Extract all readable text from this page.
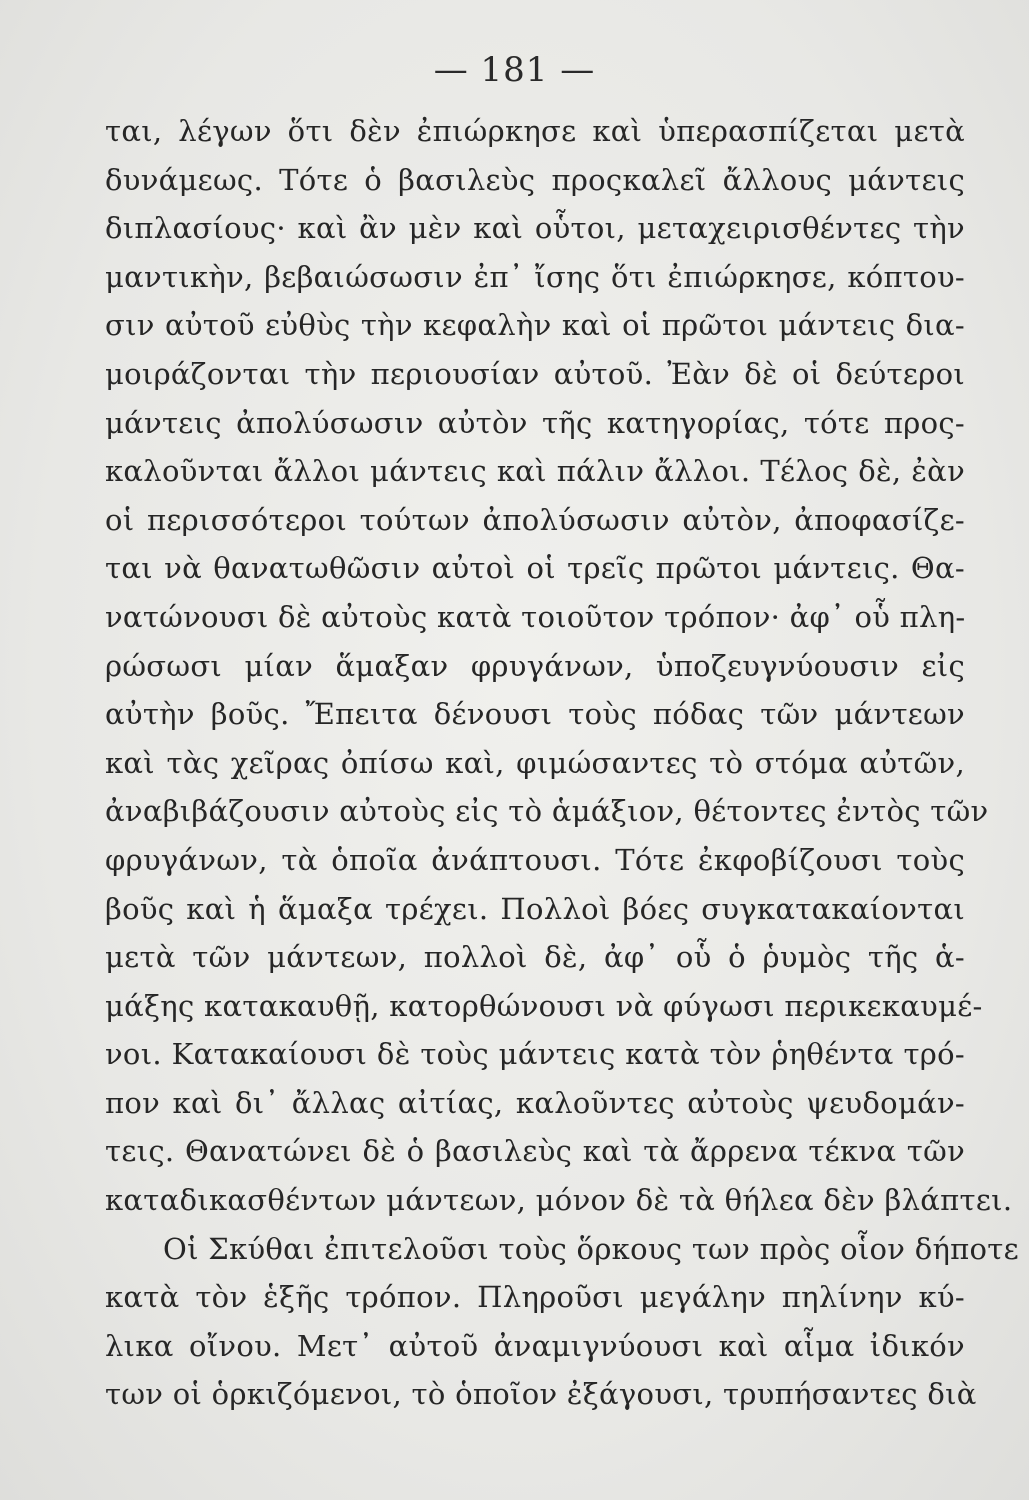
— 181 —
ται, λέγων ὅτι δὲν ἐπιώρκησε καὶ ὑπερασπίζεται μετὰ
δυνάμεως. Τότε ὁ βασιλεὺς προςκαλεῖ ἄλλους μάντεις
διπλασίους· καὶ ἂν μὲν καὶ οὗτοι, μεταχειρισθέντες τὴν
μαντικὴν, βεβαιώσωσιν ἐπ᾽ ἴσης ὅτι ἐπιώρκησε, κόπτου-
σιν αὐτοῦ εὐθὺς τὴν κεφαλὴν καὶ οἱ πρῶτοι μάντεις δια-
μοιράζονται τὴν περιουσίαν αὐτοῦ. Ἐὰν δὲ οἱ δεύτεροι
μάντεις ἀπολύσωσιν αὐτὸν τῆς κατηγορίας, τότε προς-
καλοῦνται ἄλλοι μάντεις καὶ πάλιν ἄλλοι. Τέλος δὲ, ἐὰν
οἱ περισσότεροι τούτων ἀπολύσωσιν αὐτὸν, ἀποφασίζε-
ται νὰ θανατωθῶσιν αὐτοὶ οἱ τρεῖς πρῶτοι μάντεις. Θα-
νατώνουσι δὲ αὐτοὺς κατὰ τοιοῦτον τρόπον· ἀφ᾽ οὗ πλη-
ρώσωσι μίαν ἅμαξαν φρυγάνων, ὑποζευγνύουσιν εἰς
αὐτὴν βοῦς. Ἔπειτα δένουσι τοὺς πόδας τῶν μάντεων
καὶ τὰς χεῖρας ὀπίσω καὶ, φιμώσαντες τὸ στόμα αὐτῶν,
ἀναβιβάζουσιν αὐτοὺς εἰς τὸ ἁμάξιον, θέτοντες ἐντὸς τῶν
φρυγάνων, τὰ ὁποῖα ἀνάπτουσι. Τότε ἐκφοβίζουσι τοὺς
βοῦς καὶ ἡ ἅμαξα τρέχει. Πολλοὶ βόες συγκατακαίονται
μετὰ τῶν μάντεων, πολλοὶ δὲ, ἀφ᾽ οὗ ὁ ῥυμὸς τῆς ἁ-
μάξης κατακαυθῇ, κατορθώνουσι νὰ φύγωσι περικεκαυμέ-
νοι. Κατακαίουσι δὲ τοὺς μάντεις κατὰ τὸν ῥηθέντα τρό-
πον καὶ δι᾽ ἄλλας αἰτίας, καλοῦντες αὐτοὺς ψευδομάν-
τεις. Θανατώνει δὲ ὁ βασιλεὺς καὶ τὰ ἄρρενα τέκνα τῶν
καταδικασθέντων μάντεων, μόνον δὲ τὰ θήλεα δὲν βλάπτει.
Οἱ Σκύθαι ἐπιτελοῦσι τοὺς ὅρκους των πρὸς οἷον δήποτε
κατὰ τὸν ἑξῆς τρόπον. Πληροῦσι μεγάλην πηλίνην κύ-
λικα οἴνου. Μετ᾽ αὐτοῦ ἀναμιγνύουσι καὶ αἷμα ἰδικόν
των οἱ ὁρκιζόμενοι, τὸ ὁποῖον ἐξάγουσι, τρυπήσαντες διὰ
